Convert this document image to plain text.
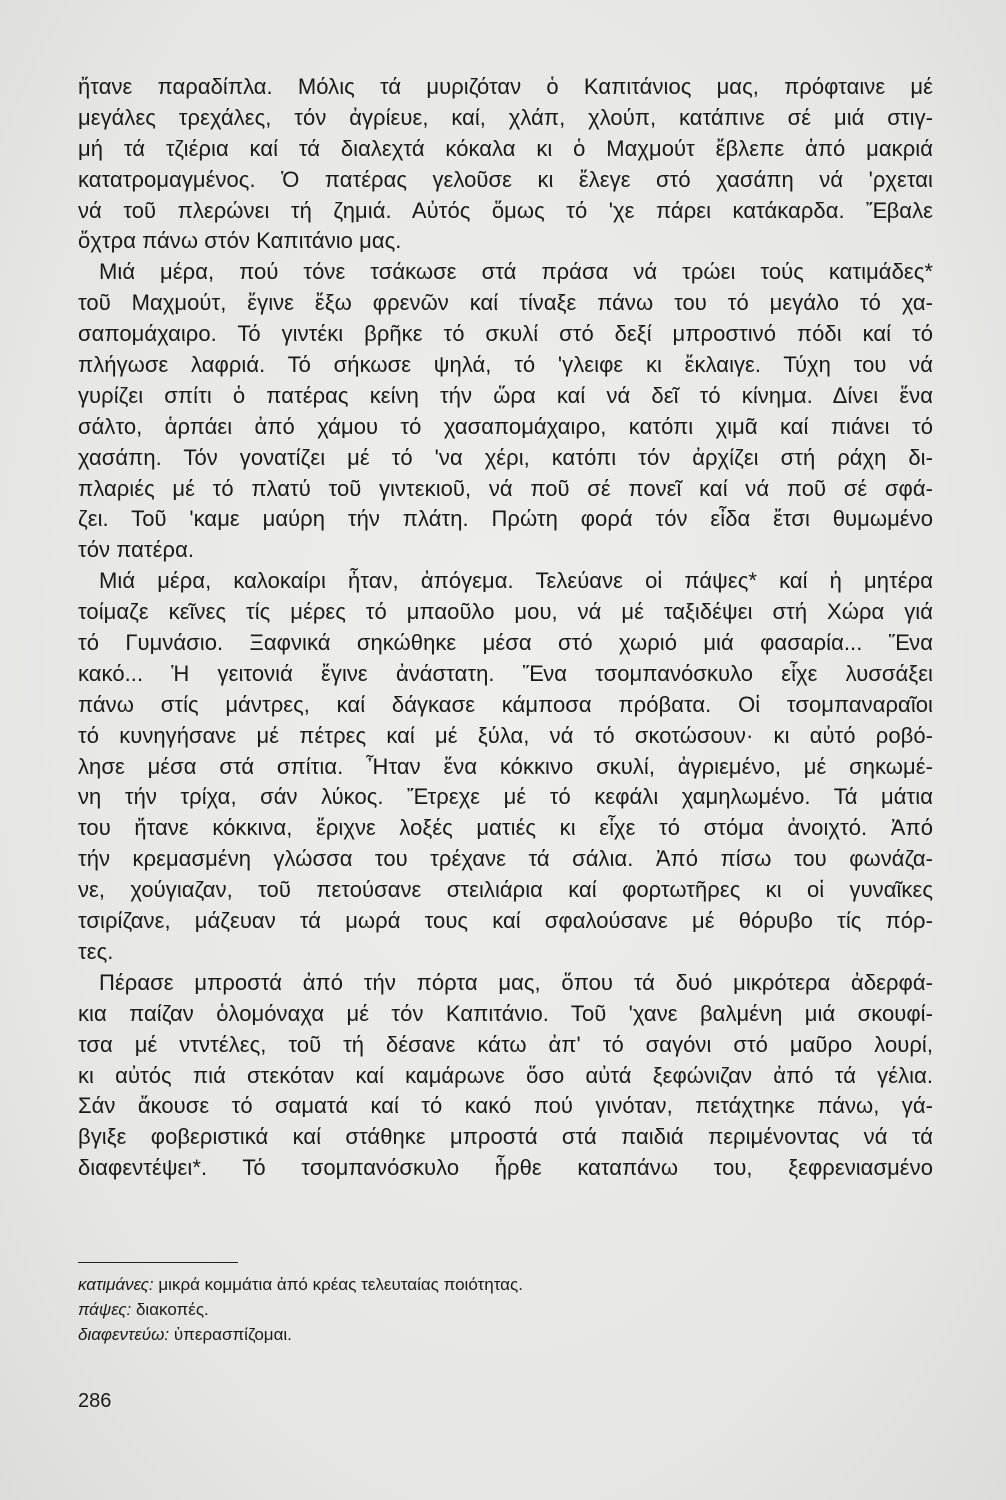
ἤτανε παραδίπλα. Μόλις τά μυριζόταν ὁ Καπιτάνιος μας, πρόφταινε μέ
μεγάλες τρεχάλες, τόν ἀγρίευε, καί, χλάπ, χλούπ, κατάπινε σέ μιά στιγ-
μή τά τζιέρια καί τά διαλεχτά κόκαλα κι ὁ Μαχμούτ ἔβλεπε ἀπό μακριά
κατατρομαγμένος. Ὁ πατέρας γελοῦσε κι ἔλεγε στό χασάπη νά 'ρχεται
νά τοῦ πλερώνει τή ζημιά. Αὐτός ὅμως τό 'χε πάρει κατάκαρδα. Ἔβαλε
ὄχτρα πάνω στόν Καπιτάνιο μας.
Μιά μέρα, πού τόνε τσάκωσε στά πράσα νά τρώει τούς κατιμάδες*
τοῦ Μαχμούτ, ἔγινε ἔξω φρενῶν καί τίναξε πάνω του τό μεγάλο τό χα-
σαπομάχαιρο. Τό γιντέκι βρῆκε τό σκυλί στό δεξί μπροστινό πόδι καί τό
πλήγωσε λαφριά. Τό σήκωσε ψηλά, τό 'γλειφε κι ἔκλαιγε. Τύχη του νά
γυρίζει σπίτι ὁ πατέρας κείνη τήν ὥρα καί νά δεῖ τό κίνημα. Δίνει ἕνα
σάλτο, ἁρπάει ἀπό χάμου τό χασαπομάχαιρο, κατόπι χιμᾶ καί πιάνει τό
χασάπη. Τόν γονατίζει μέ τό 'να χέρι, κατόπι τόν ἀρχίζει στή ράχη δι-
πλαριές μέ τό πλατύ τοῦ γιντεκιοῦ, νά ποῦ σέ πονεῖ καί νά ποῦ σέ σφά-
ζει. Τοῦ 'καμε μαύρη τήν πλάτη. Πρώτη φορά τόν εἶδα ἔτσι θυμωμένο
τόν πατέρα.
Μιά μέρα, καλοκαίρι ἦταν, ἀπόγεμα. Τελεύανε οἱ πάψες* καί ἡ μητέρα
τοίμαζε κεῖνες τίς μέρες τό μπαοῦλο μου, νά μέ ταξιδέψει στή Χώρα γιά
τό Γυμνάσιο. Ξαφνικά σηκώθηκε μέσα στό χωριό μιά φασαρία... Ἕνα
κακό... Ἡ γειτονιά ἔγινε ἀνάστατη. Ἕνα τσομπανόσκυλο εἶχε λυσσάξει
πάνω στίς μάντρες, καί δάγκασε κάμποσα πρόβατα. Οἱ τσομπαναραῖοι
τό κυνηγήσανε μέ πέτρες καί μέ ξύλα, νά τό σκοτώσουν· κι αὐτό ροβό-
λησε μέσα στά σπίτια. Ἦταν ἕνα κόκκινο σκυλί, ἀγριεμένο, μέ σηκωμέ-
νη τήν τρίχα, σάν λύκος. Ἔτρεχε μέ τό κεφάλι χαμηλωμένο. Τά μάτια
του ἤτανε κόκκινα, ἔριχνε λοξές ματιές κι εἶχε τό στόμα ἀνοιχτό. Ἀπό
τήν κρεμασμένη γλώσσα του τρέχανε τά σάλια. Ἀπό πίσω του φωνάζα-
νε, χούγιαζαν, τοῦ πετούσανε στειλιάρια καί φορτωτῆρες κι οἱ γυναῖκες
τσιρίζανε, μάζευαν τά μωρά τους καί σφαλούσανε μέ θόρυβο τίς πόρ-
τες.
Πέρασε μπροστά ἀπό τήν πόρτα μας, ὅπου τά δυό μικρότερα ἀδερφά-
κια παίζαν ὁλομόναχα μέ τόν Καπιτάνιο. Τοῦ 'χανε βαλμένη μιά σκουφί-
τσα μέ ντντέλες, τοῦ τή δέσανε κάτω ἀπ' τό σαγόνι στό μαῦρο λουρί,
κι αὐτός πιά στεκόταν καί καμάρωνε ὅσο αὐτά ξεφώνιζαν ἀπό τά γέλια.
Σάν ἄκουσε τό σαματά καί τό κακό πού γινόταν, πετάχτηκε πάνω, γά-
βγιξε φοβεριστικά καί στάθηκε μπροστά στά παιδιά περιμένοντας νά τά
διαφεντέψει*. Τό τσομπανόσκυλο ἦρθε καταπάνω του, ξεφρενιασμένο
κατιμάνες: μικρά κομμάτια ἀπό κρέας τελευταίας ποιότητας.
πάψες: διακοπές.
διαφεντεύω: ὑπερασπίζομαι.
286
